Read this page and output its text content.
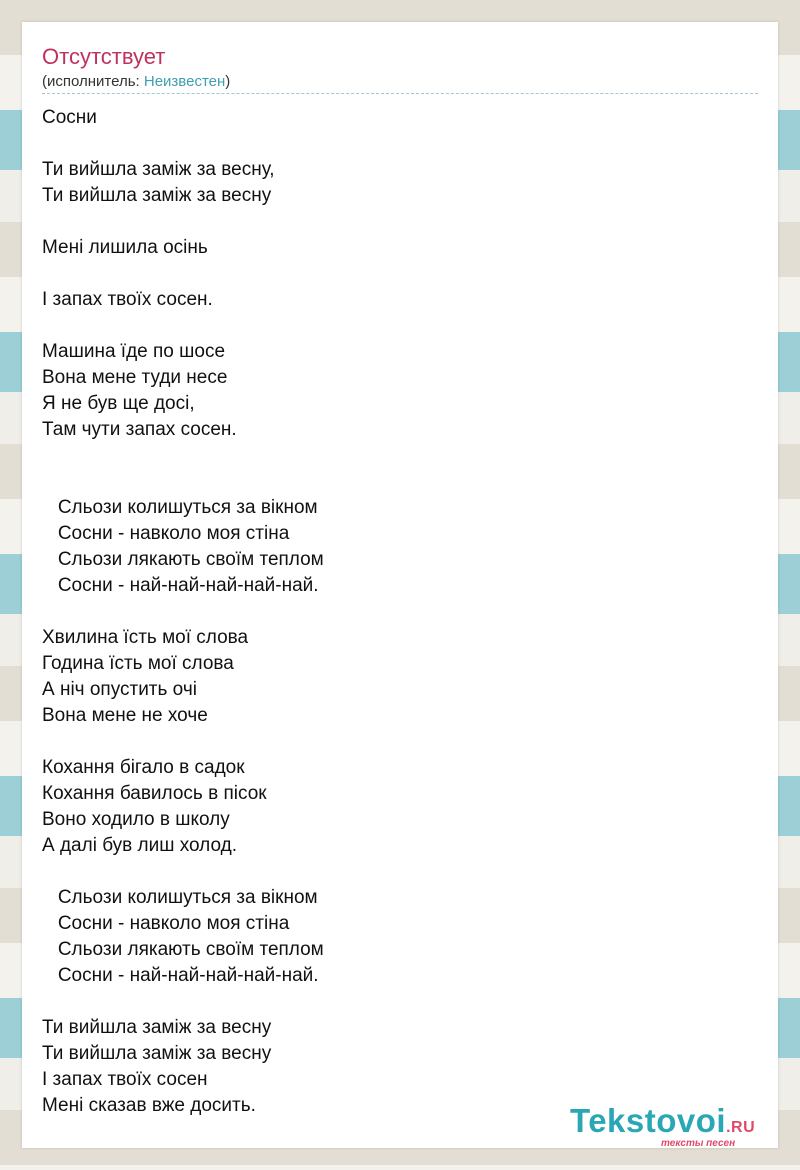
Отсутствует
(исполнитель: Неизвестен)
Сосни
Ти вийшла заміж за весну,
Ти вийшла заміж за весну
Мені лишила осінь
І запах твоїх сосен.
Машина їде по шосе
Вона мене туди несе
Я не був ще досі,
Там чути запах сосен.
Сльози колишуться за вікном
Сосни - навколо моя стіна
Сльози лякають своїм теплом
Сосни - най-най-най-най-най.
Хвилина їсть мої слова
Година їсть мої слова
А ніч опустить очі
Вона мене не хоче
Кохання бігало в садок
Кохання бавилось в пісок
Воно ходило в школу
А далі був лиш холод.
Сльози колишуться за вікном
Сосни - навколо моя стіна
Сльози лякають своїм теплом
Сосни - най-най-най-най-най.
Ти вийшла заміж за весну
Ти вийшла заміж за весну
І запах твоїх сосен
Мені сказав вже досить.	Tekstovoi.RU
тексты песен
